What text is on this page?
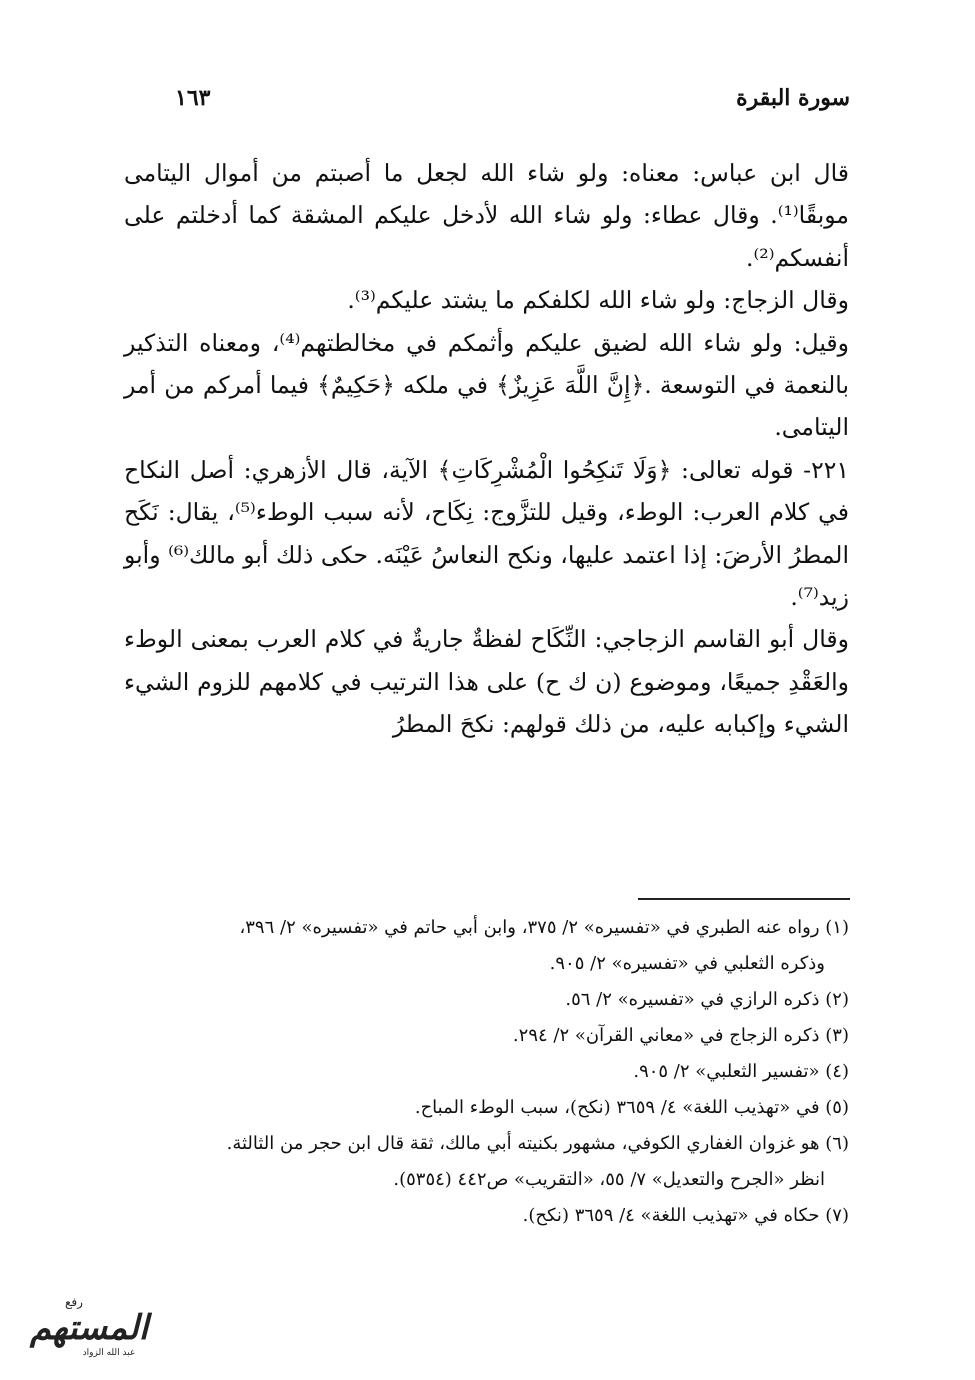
سورة البقرة
١٦٣

قال ابن عباس: معناه: ولو شاء الله لجعل ما أصبتم من أموال اليتامى موبقًا⁽¹⁾. وقال عطاء: ولو شاء الله لأدخل عليكم المشقة كما أدخلتم على أنفسكم⁽²⁾.

وقال الزجاج: ولو شاء الله لكلفكم ما يشتد عليكم⁽³⁾.

وقيل: ولو شاء الله لضيق عليكم وأثمكم في مخالطتهم⁽⁴⁾، ومعناه التذكير بالنعمة في التوسعة .﴿إِنَّ اللَّهَ عَزِيزٌ﴾ في ملكه ﴿حَكِيمٌ﴾ فيما أمركم من أمر اليتامى.

٢٢١- قوله تعالى: ﴿وَلَا تَنكِحُوا الْمُشْرِكَاتِ﴾ الآية، قال الأزهري: أصل النكاح في كلام العرب: الوطء، وقيل للتزَّوج: نِكَاح، لأنه سبب الوطء⁽⁵⁾، يقال: نَكَح المطرُ الأرضَ: إذا اعتمد عليها، ونكح النعاسُ عَيْنَه. حكى ذلك أبو مالك⁽⁶⁾ وأبو زيد⁽⁷⁾.

وقال أبو القاسم الزجاجي: النِّكَاح لفظةٌ جاريةٌ في كلام العرب بمعنى الوطء والعَقْدِ جميعًا، وموضوع (ن ك ح) على هذا الترتيب في كلامهم للزوم الشيء الشيء وإكبابه عليه، من ذلك قولهم: نكحَ المطرُ

(١) رواه عنه الطبري في «تفسيره» ٢/ ٣٧٥، وابن أبي حاتم في «تفسيره» ٢/ ٣٩٦،
وذكره الثعلبي في «تفسيره» ٢/ ٩٠٥.
(٢) ذكره الرازي في «تفسيره» ٢/ ٥٦.
(٣) ذكره الزجاج في «معاني القرآن» ٢/ ٢٩٤.
(٤) «تفسير الثعلبي» ٢/ ٩٠٥.
(٥) في «تهذيب اللغة» ٤/ ٣٦٥٩ (نكح)، سبب الوطء المباح.
(٦) هو غزوان الغفاري الكوفي، مشهور بكنيته أبي مالك، ثقة قال ابن حجر من الثالثة.
انظر «الجرح والتعديل» ٧/ ٥٥، «التقريب» ص٤٤٢ (٥٣٥٤).
(٧) حكاه في «تهذيب اللغة» ٤/ ٣٦٥٩ (نكح).
رفع
المستهم
عبد الله الزواد
